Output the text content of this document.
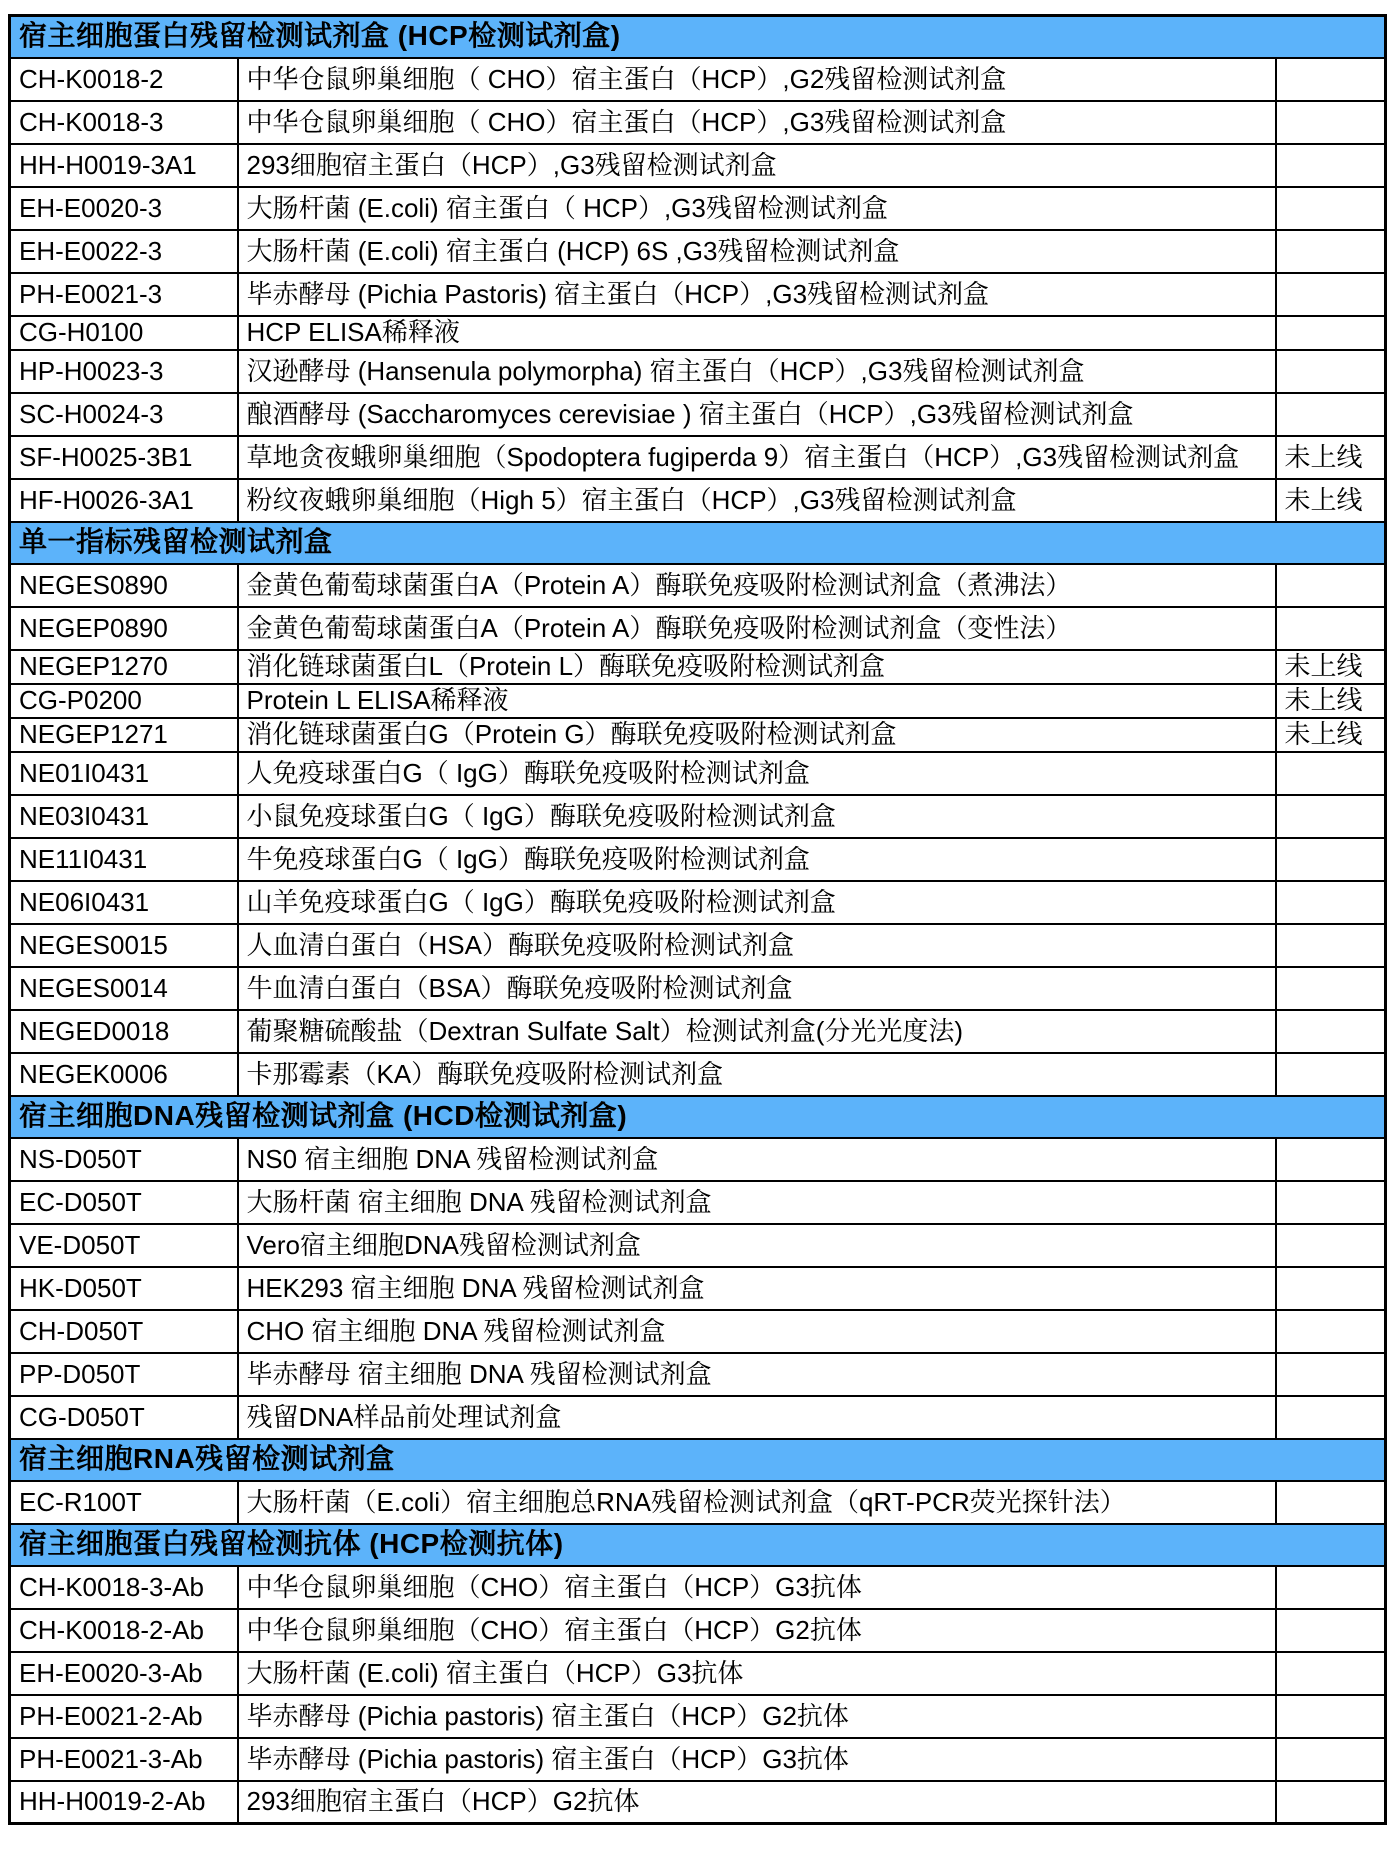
宿主细胞蛋白残留检测试剂盒 (HCP检测试剂盒)		
CH-K0018-2	中华仓鼠卵巢细胞（ CHO）宿主蛋白（HCP）,G2残留检测试剂盒	
CH-K0018-3	中华仓鼠卵巢细胞（ CHO）宿主蛋白（HCP）,G3残留检测试剂盒	
HH-H0019-3A1	293细胞宿主蛋白（HCP）,G3残留检测试剂盒	
EH-E0020-3	大肠杆菌 (E.coli) 宿主蛋白（ HCP）,G3残留检测试剂盒	
EH-E0022-3	大肠杆菌 (E.coli) 宿主蛋白 (HCP) 6S ,G3残留检测试剂盒	
PH-E0021-3	毕赤酵母 (Pichia Pastoris) 宿主蛋白（HCP）,G3残留检测试剂盒	
CG-H0100	HCP ELISA稀释液	
HP-H0023-3	汉逊酵母 (Hansenula polymorpha) 宿主蛋白（HCP）,G3残留检测试剂盒	
SC-H0024-3	酿酒酵母 (Saccharomyces cerevisiae ) 宿主蛋白（HCP）,G3残留检测试剂盒	
SF-H0025-3B1	草地贪夜蛾卵巢细胞（Spodoptera fugiperda 9）宿主蛋白（HCP）,G3残留检测试剂盒	未上线
HF-H0026-3A1	粉纹夜蛾卵巢细胞（High 5）宿主蛋白（HCP）,G3残留检测试剂盒	未上线
单一指标残留检测试剂盒		
NEGES0890	金黄色葡萄球菌蛋白A（Protein A）酶联免疫吸附检测试剂盒（煮沸法）	
NEGEP0890	金黄色葡萄球菌蛋白A（Protein A）酶联免疫吸附检测试剂盒（变性法）	
NEGEP1270	消化链球菌蛋白L（Protein L）酶联免疫吸附检测试剂盒	未上线
CG-P0200	Protein L ELISA稀释液	未上线
NEGEP1271	消化链球菌蛋白G（Protein G）酶联免疫吸附检测试剂盒	未上线
NE01I0431	人免疫球蛋白G（ IgG）酶联免疫吸附检测试剂盒	
NE03I0431	小鼠免疫球蛋白G（ IgG）酶联免疫吸附检测试剂盒	
NE11I0431	牛免疫球蛋白G（ IgG）酶联免疫吸附检测试剂盒	
NE06I0431	山羊免疫球蛋白G（ IgG）酶联免疫吸附检测试剂盒	
NEGES0015	人血清白蛋白（HSA）酶联免疫吸附检测试剂盒	
NEGES0014	牛血清白蛋白（BSA）酶联免疫吸附检测试剂盒	
NEGED0018	葡聚糖硫酸盐（Dextran Sulfate Salt）检测试剂盒(分光光度法)	
NEGEK0006	卡那霉素（KA）酶联免疫吸附检测试剂盒	
宿主细胞DNA残留检测试剂盒 (HCD检测试剂盒)		
NS-D050T	NS0 宿主细胞 DNA 残留检测试剂盒	
EC-D050T	大肠杆菌 宿主细胞 DNA 残留检测试剂盒	
VE-D050T	Vero宿主细胞DNA残留检测试剂盒	
HK-D050T	HEK293 宿主细胞 DNA 残留检测试剂盒	
CH-D050T	CHO 宿主细胞 DNA 残留检测试剂盒	
PP-D050T	毕赤酵母 宿主细胞 DNA 残留检测试剂盒	
CG-D050T	残留DNA样品前处理试剂盒	
宿主细胞RNA残留检测试剂盒		
EC-R100T	大肠杆菌（E.coli）宿主细胞总RNA残留检测试剂盒（qRT-PCR荧光探针法）	
宿主细胞蛋白残留检测抗体 (HCP检测抗体)		
CH-K0018-3-Ab	中华仓鼠卵巢细胞（CHO）宿主蛋白（HCP）G3抗体	
CH-K0018-2-Ab	中华仓鼠卵巢细胞（CHO）宿主蛋白（HCP）G2抗体	
EH-E0020-3-Ab	大肠杆菌 (E.coli) 宿主蛋白（HCP）G3抗体	
PH-E0021-2-Ab	毕赤酵母 (Pichia pastoris) 宿主蛋白（HCP）G2抗体	
PH-E0021-3-Ab	毕赤酵母 (Pichia pastoris) 宿主蛋白（HCP）G3抗体	
HH-H0019-2-Ab	293细胞宿主蛋白（HCP）G2抗体	
